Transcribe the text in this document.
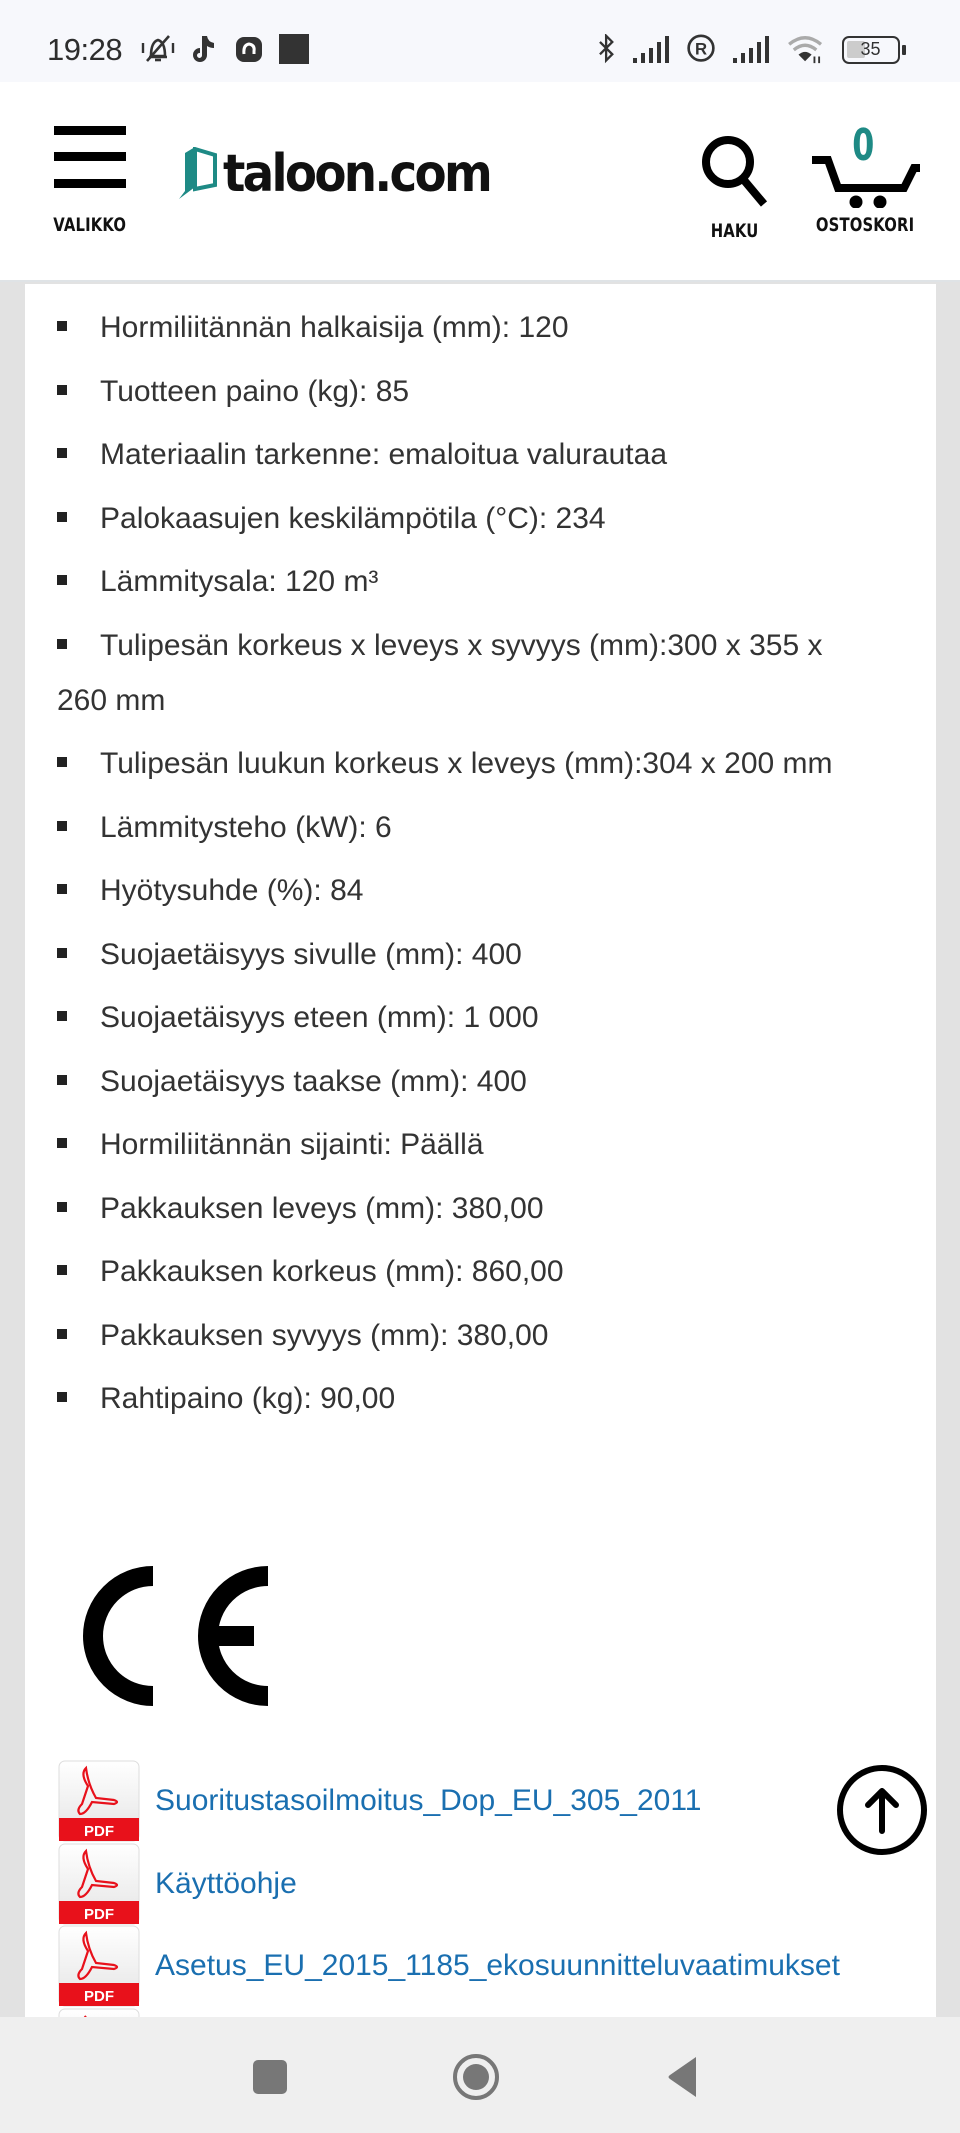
19:28	R	35
VALIKKO
taloon.com
HAKU
0
OSTOSKORI
Hormiliitännän halkaisija (mm): 120
Tuotteen paino (kg): 85
Materiaalin tarkenne: emaloitua valurautaa
Palokaasujen keskilämpötila (°C): 234
Lämmitysala: 120 m³
Tulipesän korkeus x leveys x syvyys (mm):300 x 355 x 260 mm
Tulipesän luukun korkeus x leveys (mm):304 x 200 mm
Lämmitysteho (kW): 6
Hyötysuhde (%): 84
Suojaetäisyys sivulle (mm): 400
Suojaetäisyys eteen (mm): 1 000
Suojaetäisyys taakse (mm): 400
Hormiliitännän sijainti: Päällä
Pakkauksen leveys (mm): 380,00
Pakkauksen korkeus (mm): 860,00
Pakkauksen syvyys (mm): 380,00
Rahtipaino (kg): 90,00
PDF
Suoritustasoilmoitus_Dop_EU_305_2011
PDF
Käyttöohje
PDF
Asetus_EU_2015_1185_ekosuunnitteluvaatimukset
